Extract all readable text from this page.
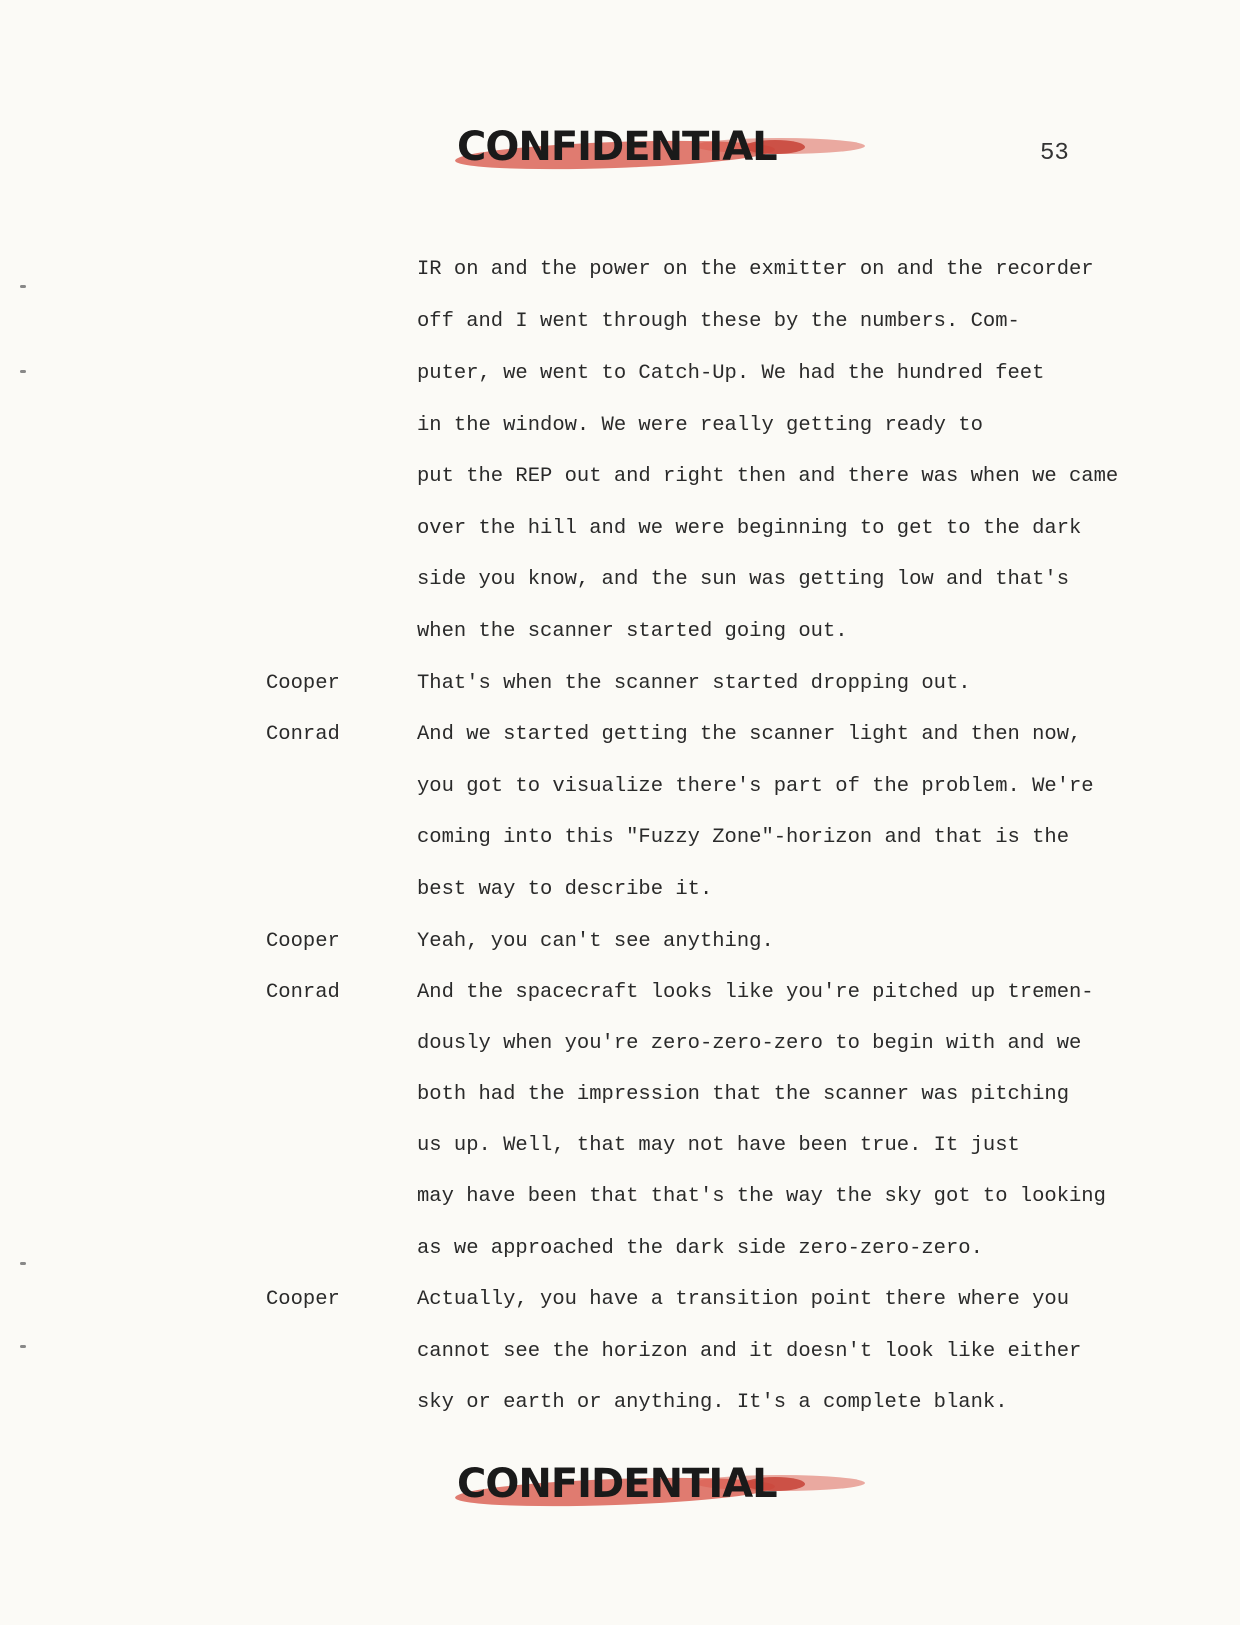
CONFIDENTIAL	53
Cooper
Conrad
Cooper
Conrad
Cooper
IR on and the power on the exmitter on and the recorder
off and I went through these by the numbers. Com-
puter, we went to Catch-Up. We had the hundred feet
in the window. We were really getting ready to
put the REP out and right then and there was when we came
over the hill and we were beginning to get to the dark
side you know, and the sun was getting low and that's
when the scanner started going out.
That's when the scanner started dropping out.
And we started getting the scanner light and then now,
you got to visualize there's part of the problem. We're
coming into this "Fuzzy Zone"-horizon and that is the
best way to describe it.
Yeah, you can't see anything.
And the spacecraft looks like you're pitched up tremen-
dously when you're zero-zero-zero to begin with and we
both had the impression that the scanner was pitching
us up. Well, that may not have been true. It just
may have been that that's the way the sky got to looking
as we approached the dark side zero-zero-zero.
Actually, you have a transition point there where you
cannot see the horizon and it doesn't look like either
sky or earth or anything. It's a complete blank.
CONFIDENTIAL
